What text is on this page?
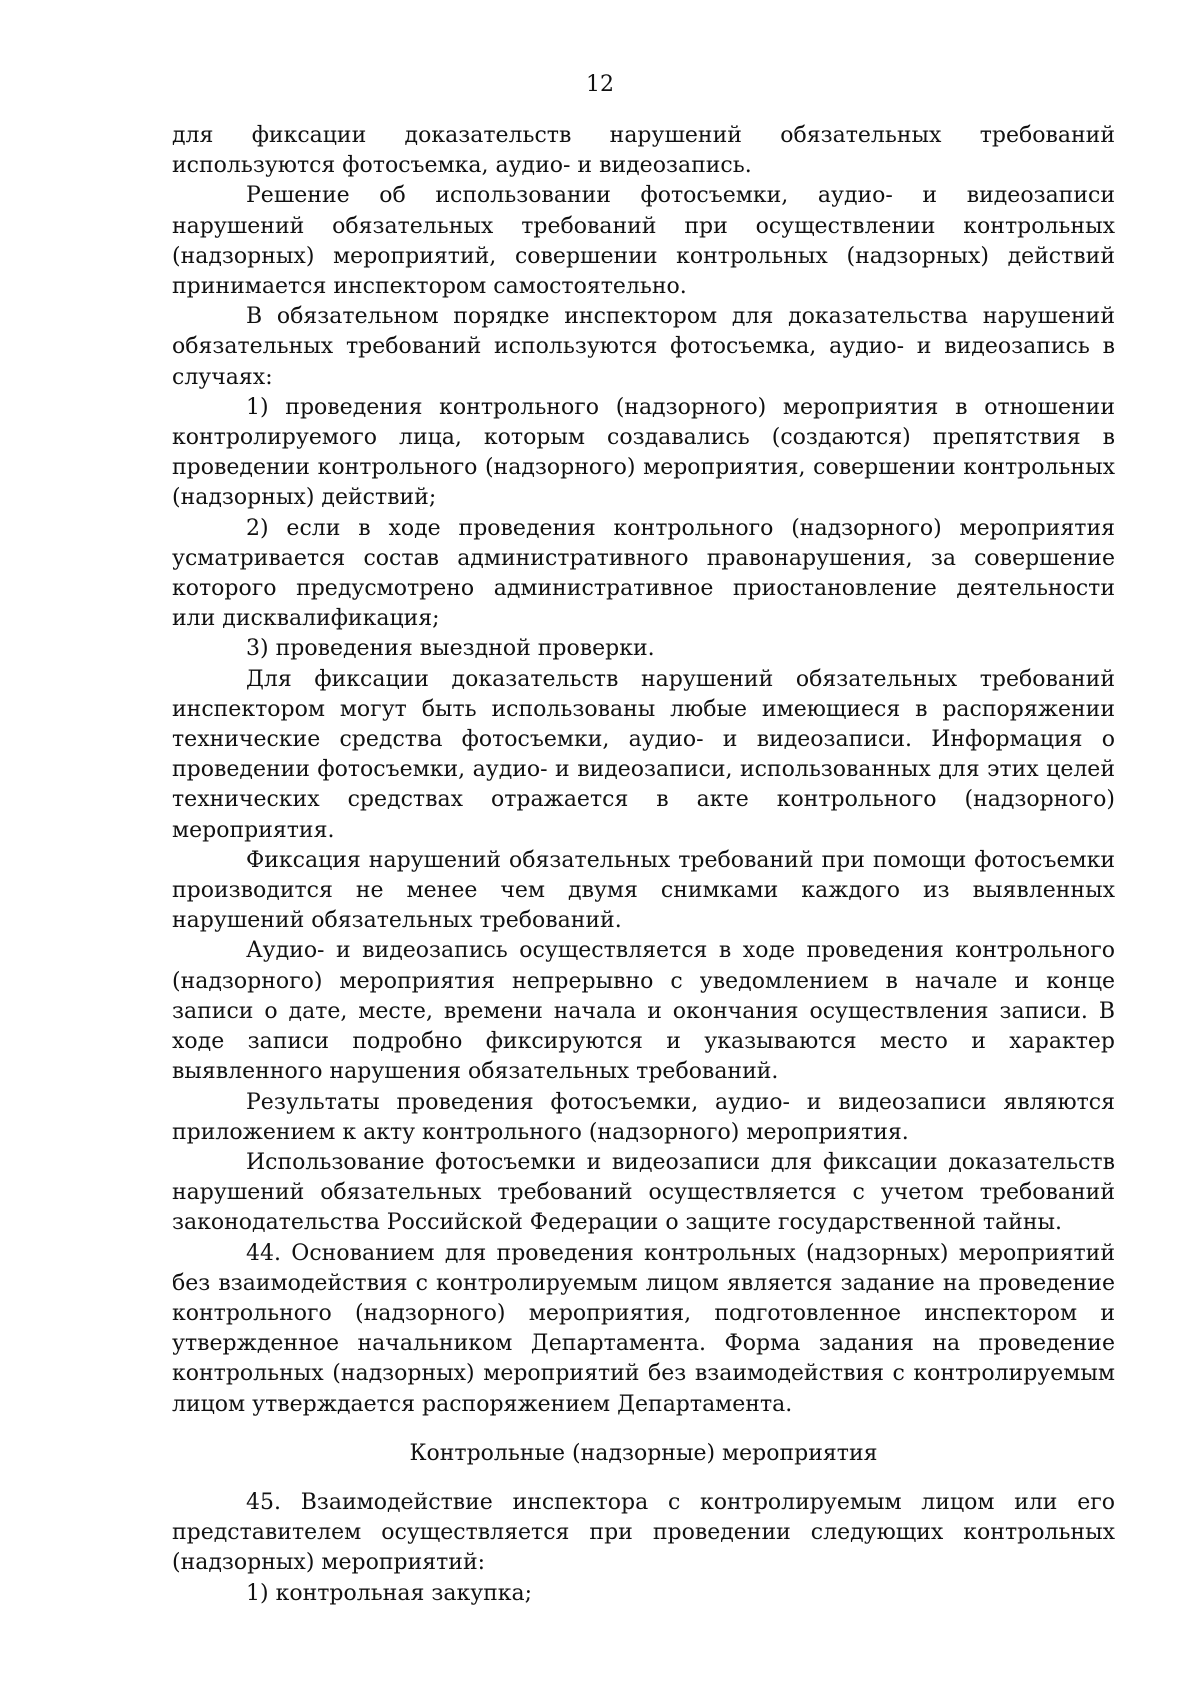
12

для фиксации доказательств нарушений обязательных требований используются фотосъемка, аудио- и видеозапись.

Решение об использовании фотосъемки, аудио- и видеозаписи нарушений обязательных требований при осуществлении контрольных (надзорных) мероприятий, совершении контрольных (надзорных) действий принимается инспектором самостоятельно.

В обязательном порядке инспектором для доказательства нарушений обязательных требований используются фотосъемка, аудио- и видеозапись в случаях:

1) проведения контрольного (надзорного) мероприятия в отношении контролируемого лица, которым создавались (создаются) препятствия в проведении контрольного (надзорного) мероприятия, совершении контрольных (надзорных) действий;

2) если в ходе проведения контрольного (надзорного) мероприятия усматривается состав административного правонарушения, за совершение которого предусмотрено административное приостановление деятельности или дисквалификация;

3) проведения выездной проверки.

Для фиксации доказательств нарушений обязательных требований инспектором могут быть использованы любые имеющиеся в распоряжении технические средства фотосъемки, аудио- и видеозаписи. Информация о проведении фотосъемки, аудио- и видеозаписи, использованных для этих целей технических средствах отражается в акте контрольного (надзорного) мероприятия.

Фиксация нарушений обязательных требований при помощи фотосъемки производится не менее чем двумя снимками каждого из выявленных нарушений обязательных требований.

Аудио- и видеозапись осуществляется в ходе проведения контрольного (надзорного) мероприятия непрерывно с уведомлением в начале и конце записи о дате, месте, времени начала и окончания осуществления записи. В ходе записи подробно фиксируются и указываются место и характер выявленного нарушения обязательных требований.

Результаты проведения фотосъемки, аудио- и видеозаписи являются приложением к акту контрольного (надзорного) мероприятия.

Использование фотосъемки и видеозаписи для фиксации доказательств нарушений обязательных требований осуществляется с учетом требований законодательства Российской Федерации о защите государственной тайны.

44. Основанием для проведения контрольных (надзорных) мероприятий без взаимодействия с контролируемым лицом является задание на проведение контрольного (надзорного) мероприятия, подготовленное инспектором и утвержденное начальником Департамента. Форма задания на проведение контрольных (надзорных) мероприятий без взаимодействия с контролируемым лицом утверждается распоряжением Департамента.

Контрольные (надзорные) мероприятия

45. Взаимодействие инспектора с контролируемым лицом или его представителем осуществляется при проведении следующих контрольных (надзорных) мероприятий:

1) контрольная закупка;
